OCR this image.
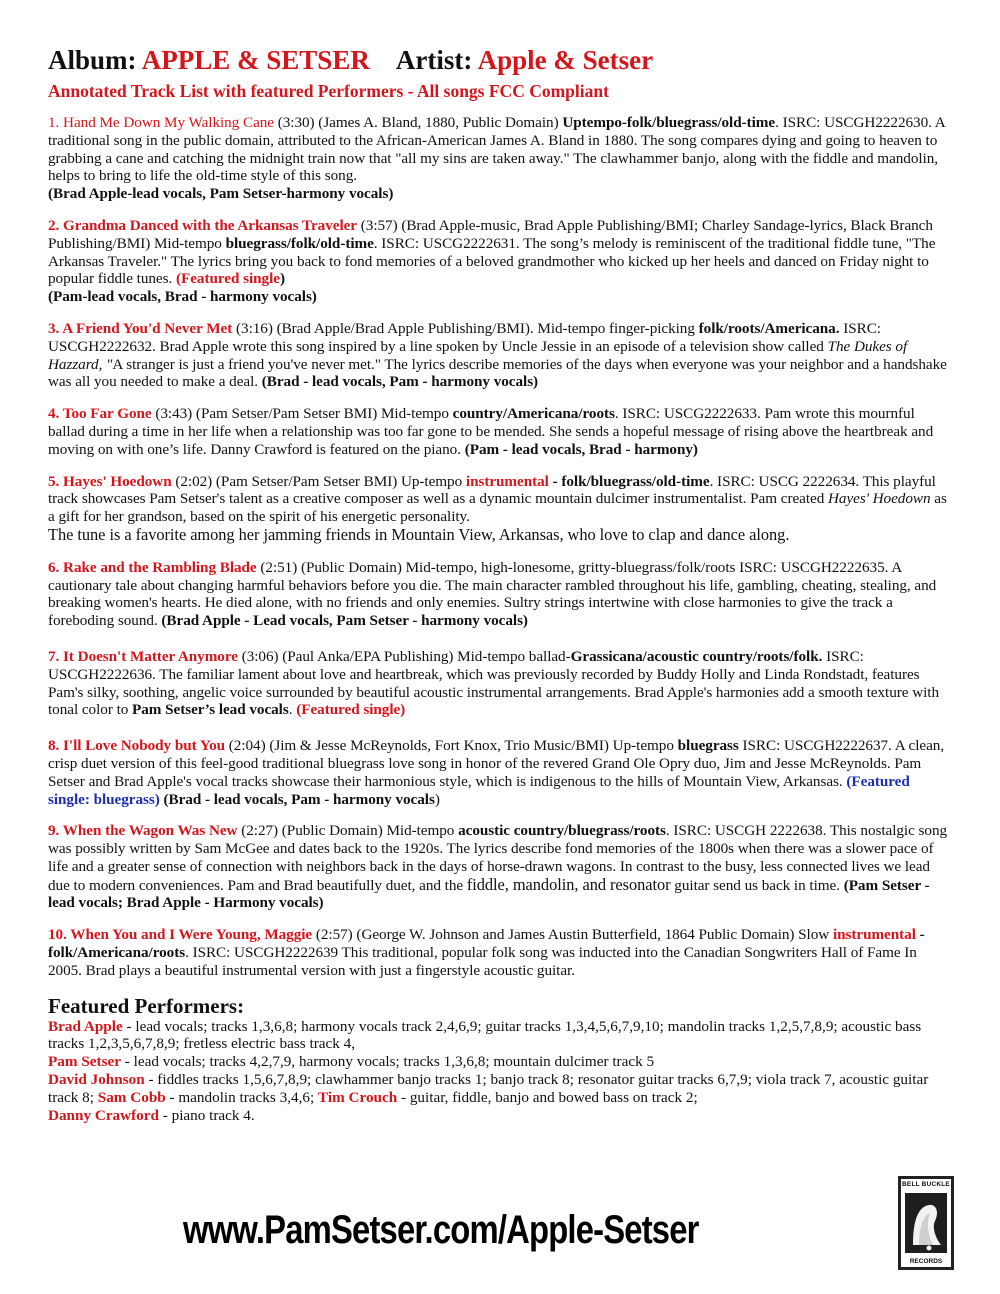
Album: APPLE & SETSER Artist: Apple & Setser
Annotated Track List with featured Performers - All songs FCC Compliant
1. Hand Me Down My Walking Cane (3:30) (James A. Bland, 1880, Public Domain) Uptempo-folk/bluegrass/old-time. ISRC: USCGH2222630. A traditional song in the public domain, attributed to the African-American James A. Bland in 1880. The song compares dying and going to heaven to grabbing a cane and catching the midnight train now that "all my sins are taken away." The clawhammer banjo, along with the fiddle and mandolin, helps to bring to life the old-time style of this song.
(Brad Apple-lead vocals, Pam Setser-harmony vocals)
2. Grandma Danced with the Arkansas Traveler (3:57) (Brad Apple-music, Brad Apple Publishing/BMI; Charley Sandage-lyrics, Black Branch Publishing/BMI) Mid-tempo bluegrass/folk/old-time. ISRC: USCG2222631. The song’s melody is reminiscent of the traditional fiddle tune, "The Arkansas Traveler." The lyrics bring you back to fond memories of a beloved grandmother who kicked up her heels and danced on Friday night to popular fiddle tunes. (Featured single)
(Pam-lead vocals, Brad - harmony vocals)
3. A Friend You'd Never Met (3:16) (Brad Apple/Brad Apple Publishing/BMI). Mid-tempo finger-picking folk/roots/Americana. ISRC: USCGH2222632. Brad Apple wrote this song inspired by a line spoken by Uncle Jessie in an episode of a television show called The Dukes of Hazzard, "A stranger is just a friend you've never met." The lyrics describe memories of the days when everyone was your neighbor and a handshake was all you needed to make a deal. (Brad - lead vocals, Pam - harmony vocals)
4. Too Far Gone (3:43) (Pam Setser/Pam Setser BMI) Mid-tempo country/Americana/roots. ISRC: USCG2222633. Pam wrote this mournful ballad during a time in her life when a relationship was too far gone to be mended. She sends a hopeful message of rising above the heartbreak and moving on with one’s life. Danny Crawford is featured on the piano. (Pam - lead vocals, Brad - harmony)
5. Hayes' Hoedown (2:02) (Pam Setser/Pam Setser BMI) Up-tempo instrumental - folk/bluegrass/old-time. ISRC: USCG 2222634. This playful track showcases Pam Setser's talent as a creative composer as well as a dynamic mountain dulcimer instrumentalist. Pam created Hayes' Hoedown as a gift for her grandson, based on the spirit of his energetic personality.
The tune is a favorite among her jamming friends in Mountain View, Arkansas, who love to clap and dance along.
6. Rake and the Rambling Blade (2:51) (Public Domain) Mid-tempo, high-lonesome, gritty-bluegrass/folk/roots ISRC: USCGH2222635. A cautionary tale about changing harmful behaviors before you die. The main character rambled throughout his life, gambling, cheating, stealing, and breaking women's hearts. He died alone, with no friends and only enemies. Sultry strings intertwine with close harmonies to give the track a foreboding sound. (Brad Apple - Lead vocals, Pam Setser - harmony vocals)
7. It Doesn't Matter Anymore (3:06) (Paul Anka/EPA Publishing) Mid-tempo ballad-Grassicana/acoustic country/roots/folk. ISRC: USCGH2222636. The familiar lament about love and heartbreak, which was previously recorded by Buddy Holly and Linda Rondstadt, features Pam's silky, soothing, angelic voice surrounded by beautiful acoustic instrumental arrangements. Brad Apple's harmonies add a smooth texture with tonal color to Pam Setser’s lead vocals. (Featured single)
8. I'll Love Nobody but You (2:04) (Jim & Jesse McReynolds, Fort Knox, Trio Music/BMI) Up-tempo bluegrass ISRC: USCGH2222637. A clean, crisp duet version of this feel-good traditional bluegrass love song in honor of the revered Grand Ole Opry duo, Jim and Jesse McReynolds. Pam Setser and Brad Apple's vocal tracks showcase their harmonious style, which is indigenous to the hills of Mountain View, Arkansas. (Featured single: bluegrass) (Brad - lead vocals, Pam - harmony vocals)
9. When the Wagon Was New (2:27) (Public Domain) Mid-tempo acoustic country/bluegrass/roots. ISRC: USCGH 2222638. This nostalgic song was possibly written by Sam McGee and dates back to the 1920s. The lyrics describe fond memories of the 1800s when there was a slower pace of life and a greater sense of connection with neighbors back in the days of horse-drawn wagons. In contrast to the busy, less connected lives we lead due to modern conveniences. Pam and Brad beautifully duet, and the fiddle, mandolin, and resonator guitar send us back in time. (Pam Setser - lead vocals; Brad Apple - Harmony vocals)
10. When You and I Were Young, Maggie (2:57) (George W. Johnson and James Austin Butterfield, 1864 Public Domain) Slow instrumental - folk/Americana/roots. ISRC: USCGH2222639 This traditional, popular folk song was inducted into the Canadian Songwriters Hall of Fame In 2005. Brad plays a beautiful instrumental version with just a fingerstyle acoustic guitar.
Featured Performers:
Brad Apple - lead vocals; tracks 1,3,6,8; harmony vocals track 2,4,6,9; guitar tracks 1,3,4,5,6,7,9,10; mandolin tracks 1,2,5,7,8,9; acoustic bass tracks 1,2,3,5,6,7,8,9; fretless electric bass track 4,
Pam Setser - lead vocals; tracks 4,2,7,9, harmony vocals; tracks 1,3,6,8; mountain dulcimer track 5
David Johnson - fiddles tracks 1,5,6,7,8,9; clawhammer banjo tracks 1; banjo track 8; resonator guitar tracks 6,7,9; viola track 7, acoustic guitar track 8; Sam Cobb - mandolin tracks 3,4,6; Tim Crouch - guitar, fiddle, banjo and bowed bass on track 2;
Danny Crawford - piano track 4.
www.PamSetser.com/Apple-Setser
BELL BUCKLE
RECORDS
